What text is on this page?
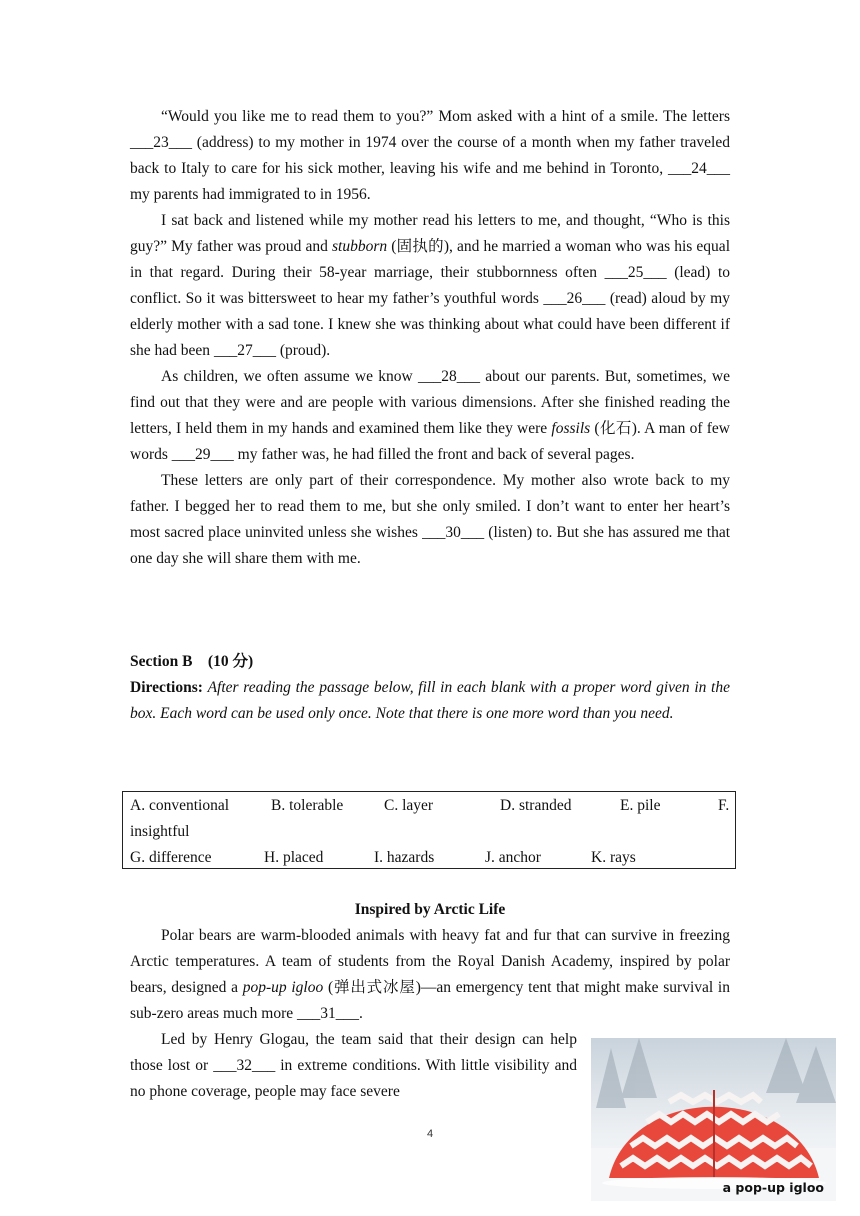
“Would you like me to read them to you?” Mom asked with a hint of a smile. The letters ___23___ (address) to my mother in 1974 over the course of a month when my father traveled back to Italy to care for his sick mother, leaving his wife and me behind in Toronto, ___24___ my parents had immigrated to in 1956.

I sat back and listened while my mother read his letters to me, and thought, “Who is this guy?” My father was proud and stubborn (固执的), and he married a woman who was his equal in that regard. During their 58-year marriage, their stubbornness often ___25___ (lead) to conflict. So it was bittersweet to hear my father’s youthful words ___26___ (read) aloud by my elderly mother with a sad tone. I knew she was thinking about what could have been different if she had been ___27___ (proud).

As children, we often assume we know ___28___ about our parents. But, sometimes, we find out that they were and are people with various dimensions. After she finished reading the letters, I held them in my hands and examined them like they were fossils (化石). A man of few words ___29___ my father was, he had filled the front and back of several pages.

These letters are only part of their correspondence. My mother also wrote back to my father. I begged her to read them to me, but she only smiled. I don’t want to enter her heart’s most sacred place uninvited unless she wishes ___30___ (listen) to. But she has assured me that one day she will share them with me.

Section B　(10 分)

Directions: After reading the passage below, fill in each blank with a proper word given in the box. Each word can be used only once. Note that there is one more word than you need.

A. conventional	B. tolerable	C. layer	D. stranded	E. pile	F.
insightful
G. difference	H. placed	I. hazards	J. anchor	K. rays
Inspired by Arctic Life

Polar bears are warm-blooded animals with heavy fat and fur that can survive in freezing Arctic temperatures. A team of students from the Royal Danish Academy, inspired by polar bears, designed a pop-up igloo (弹出式冰屋)—an emergency tent that might make survival in sub-zero areas much more ___31___.

Led by Henry Glogau, the team said that their design can help those lost or ___32___ in extreme conditions. With little visibility and no phone coverage, people may face severe

a pop-up igloo
4
